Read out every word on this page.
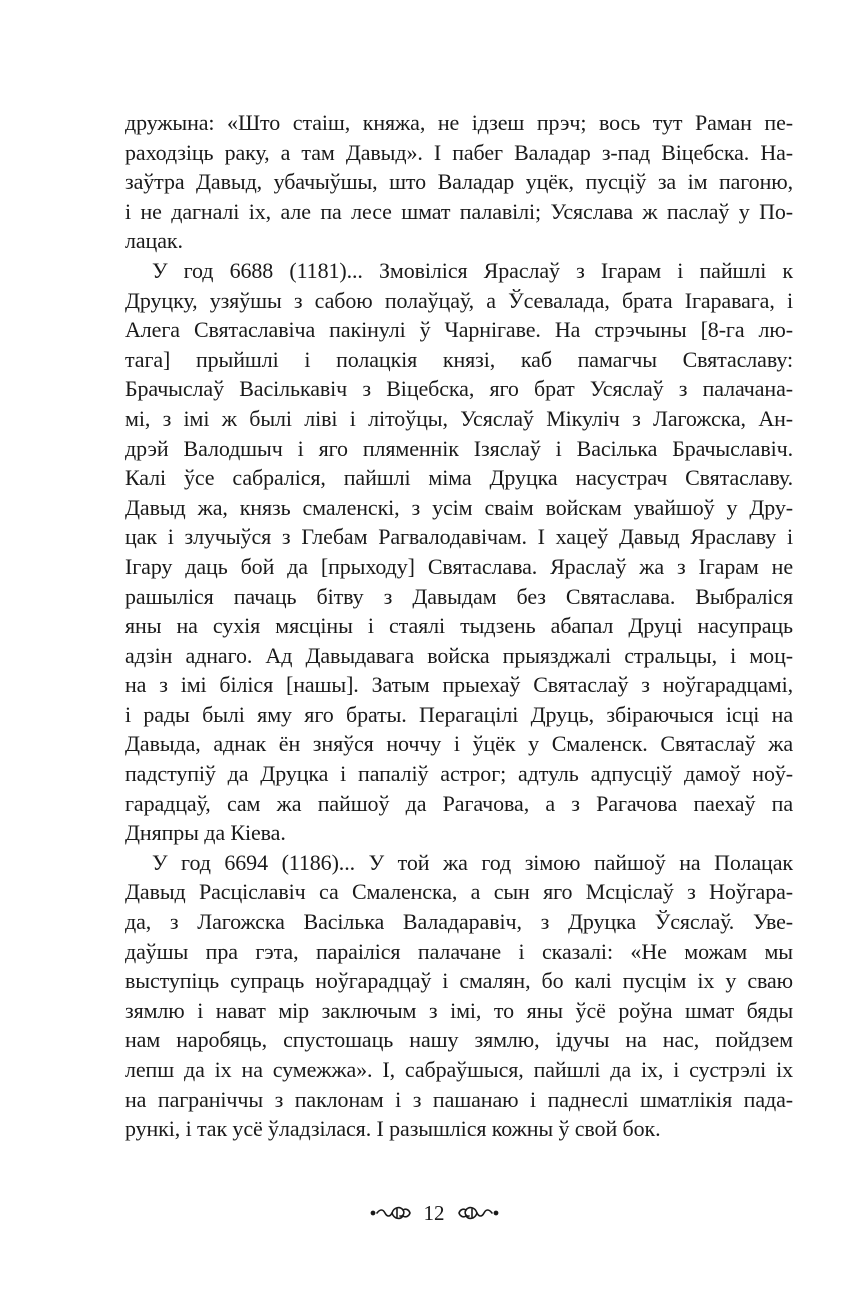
дружына: «Што стаіш, княжа, не ідзеш прэч; вось тут Раман пе-
раходзіць раку, а там Давыд». І пабег Валадар з-пад Віцебска. На-
заўтра Давыд, убачыўшы, што Валадар уцёк, пусціў за ім пагоню,
і не дагналі іх, але па лесе шмат палавілі; Усяслава ж паслаў у По-
лацак.
У год 6688 (1181)... Змовіліся Яраслаў з Ігарам і пайшлі к
Друцку, узяўшы з сабою полаўцаў, а Ўсевалада, брата Ігаравага, і
Алега Святаславіча пакінулі ў Чарнігаве. На стрэчыны [8-га лю-
тага] прыйшлі і полацкія князі, каб памагчы Святаславу:
Брачыслаў Васількавіч з Віцебска, яго брат Усяслаў з палачана-
мі, з імі ж былі ліві і літоўцы, Усяслаў Мікуліч з Лагожска, Ан-
дрэй Валодшыч і яго пляменнік Ізяслаў і Васілька Брачыславіч.
Калі ўсе сабраліся, пайшлі міма Друцка насустрач Святаславу.
Давыд жа, князь смаленскі, з усім сваім войскам увайшоў у Дру-
цак і злучыўся з Глебам Рагвалодавічам. І хацеў Давыд Яраславу і
Ігару даць бой да [прыходу] Святаслава. Яраслаў жа з Ігарам не
рашыліся пачаць бітву з Давыдам без Святаслава. Выбраліся
яны на сухія мясціны і стаялі тыдзень абапал Друці насупраць
адзін аднаго. Ад Давыдавага войска прыязджалі стральцы, і моц-
на з імі біліся [нашы]. Затым прыехаў Святаслаў з ноўгарадцамі,
і рады былі яму яго браты. Перагацілі Друць, збіраючыся ісці на
Давыда, аднак ён зняўся ноччу і ўцёк у Смаленск. Святаслаў жа
падступіў да Друцка і папаліў астрог; адтуль адпусціў дамоў ноў-
гарадцаў, сам жа пайшоў да Рагачова, а з Рагачова паехаў па
Дняпры да Кіева.
У год 6694 (1186)... У той жа год зімою пайшоў на Полацак
Давыд Расціславіч са Смаленска, а сын яго Мсціслаў з Ноўгара-
да, з Лагожска Васілька Валадаравіч, з Друцка Ўсяслаў. Уве-
даўшы пра гэта, параіліся палачане і сказалі: «Не можам мы
выступіць супраць ноўгарадцаў і смалян, бо калі пусцім іх у сваю
зямлю і нават мір заключым з імі, то яны ўсё роўна шмат бяды
нам наробяць, спустошаць нашу зямлю, ідучы на нас, пойдзем
лепш да іх на сумежжа». І, сабраўшыся, пайшлі да іх, і сустрэлі іх
на паграніччы з паклонам і з пашанаю і паднеслі шматлікія пада-
рункі, і так усё ўладзілася. І разышліся кожны ў свой бок.
12
